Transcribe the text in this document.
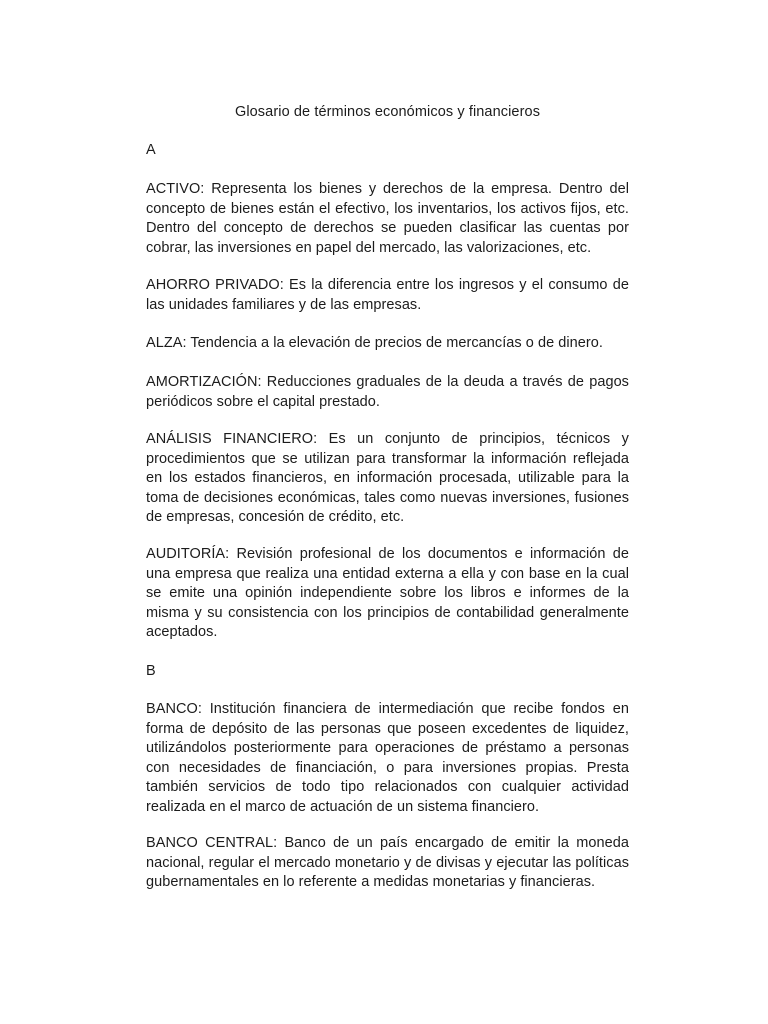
Glosario de términos económicos y financieros

A

ACTIVO: Representa los bienes y derechos de la empresa. Dentro del concepto de bienes están el efectivo, los inventarios, los activos fijos, etc. Dentro del concepto de derechos se pueden clasificar las cuentas por cobrar, las inversiones en papel del mercado, las valorizaciones, etc.

AHORRO PRIVADO: Es la diferencia entre los ingresos y el consumo de las unidades familiares y de las empresas.

ALZA: Tendencia a la elevación de precios de mercancías o de dinero.

AMORTIZACIÓN: Reducciones graduales de la deuda a través de pagos periódicos sobre el capital prestado.

ANÁLISIS FINANCIERO: Es un conjunto de principios, técnicos y procedimientos que se utilizan para transformar la información reflejada en los estados financieros, en información procesada, utilizable para la toma de decisiones económicas, tales como nuevas inversiones, fusiones de empresas, concesión de crédito, etc.

AUDITORÍA: Revisión profesional de los documentos e información de una empresa que realiza una entidad externa a ella y con base en la cual se emite una opinión independiente sobre los libros e informes de la misma y su consistencia con los principios de contabilidad generalmente aceptados.

B

BANCO: Institución financiera de intermediación que recibe fondos en forma de depósito de las personas que poseen excedentes de liquidez, utilizándolos posteriormente para operaciones de préstamo a personas con necesidades de financiación, o para inversiones propias. Presta también servicios de todo tipo relacionados con cualquier actividad realizada en el marco de actuación de un sistema financiero.

BANCO CENTRAL: Banco de un país encargado de emitir la moneda nacional, regular el mercado monetario y de divisas y ejecutar las políticas gubernamentales en lo referente a medidas monetarias y financieras.
